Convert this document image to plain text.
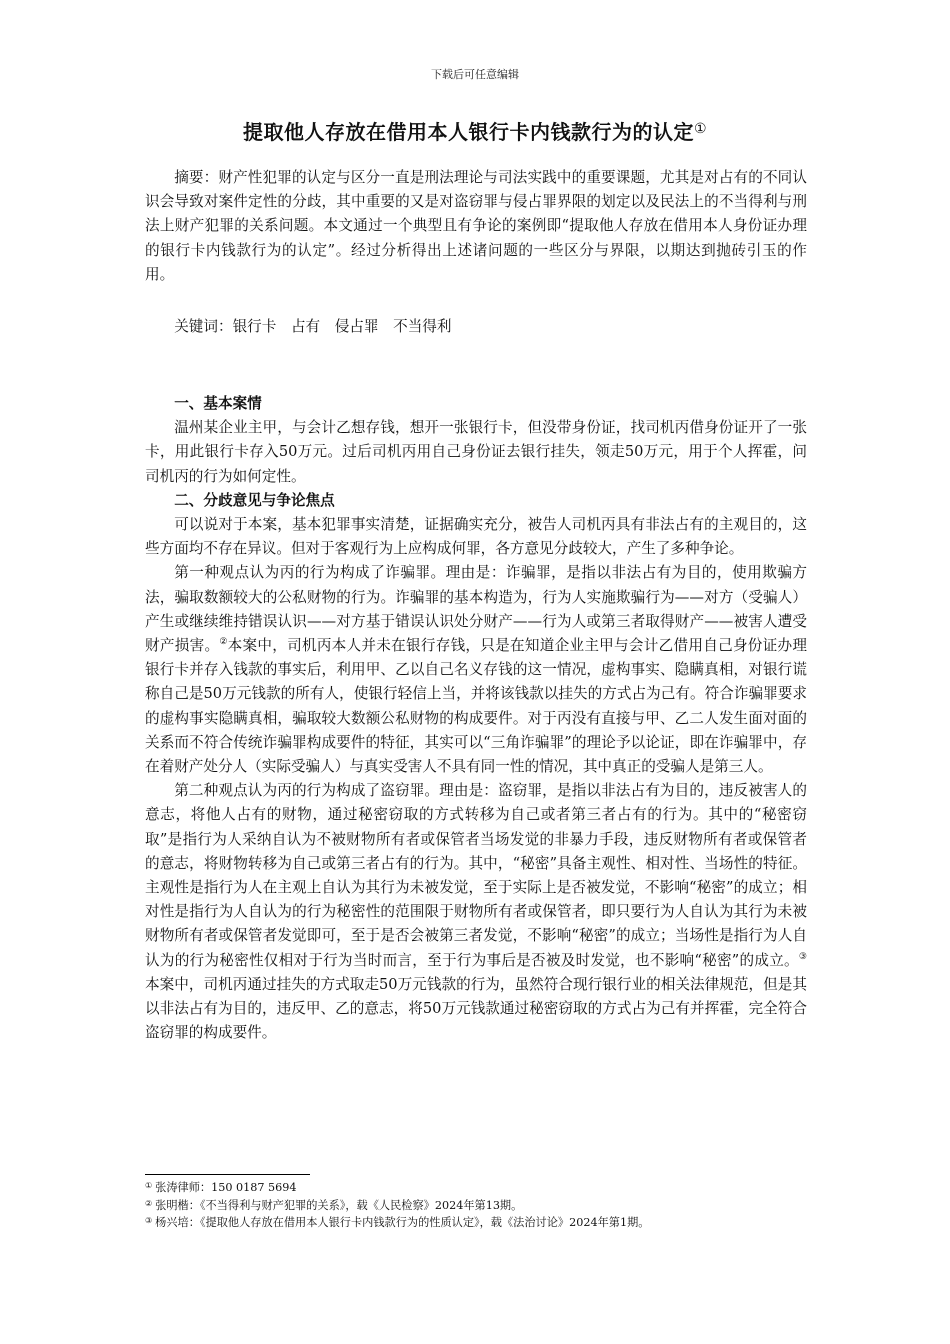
下载后可任意编辑
提取他人存放在借用本人银行卡内钱款行为的认定①

摘要：财产性犯罪的认定与区分一直是刑法理论与司法实践中的重要课题，尤其是对占有的不同认识会导致对案件定性的分歧，其中重要的又是对盗窃罪与侵占罪界限的划定以及民法上的不当得利与刑法上财产犯罪的关系问题。本文通过一个典型且有争论的案例即“提取他人存放在借用本人身份证办理的银行卡内钱款行为的认定”。经过分析得出上述诸问题的一些区分与界限，以期达到抛砖引玉的作用。

关键词：银行卡　占有　侵占罪　不当得利

一、基本案情

温州某企业主甲，与会计乙想存钱，想开一张银行卡，但没带身份证，找司机丙借身份证开了一张卡，用此银行卡存入50万元。过后司机丙用自己身份证去银行挂失，领走50万元，用于个人挥霍，问司机丙的行为如何定性。

二、分歧意见与争论焦点

可以说对于本案，基本犯罪事实清楚，证据确实充分，被告人司机丙具有非法占有的主观目的，这些方面均不存在异议。但对于客观行为上应构成何罪，各方意见分歧较大，产生了多种争论。

第一种观点认为丙的行为构成了诈骗罪。理由是：诈骗罪，是指以非法占有为目的，使用欺骗方法，骗取数额较大的公私财物的行为。诈骗罪的基本构造为，行为人实施欺骗行为——对方（受骗人）产生或继续维持错误认识——对方基于错误认识处分财产——行为人或第三者取得财产——被害人遭受财产损害。②本案中，司机丙本人并未在银行存钱，只是在知道企业主甲与会计乙借用自己身份证办理银行卡并存入钱款的事实后，利用甲、乙以自己名义存钱的这一情况，虚构事实、隐瞒真相，对银行谎称自己是50万元钱款的所有人，使银行轻信上当，并将该钱款以挂失的方式占为己有。符合诈骗罪要求的虚构事实隐瞒真相，骗取较大数额公私财物的构成要件。对于丙没有直接与甲、乙二人发生面对面的关系而不符合传统诈骗罪构成要件的特征，其实可以“三角诈骗罪”的理论予以论证，即在诈骗罪中，存在着财产处分人（实际受骗人）与真实受害人不具有同一性的情况，其中真正的受骗人是第三人。

第二种观点认为丙的行为构成了盗窃罪。理由是：盗窃罪，是指以非法占有为目的，违反被害人的意志，将他人占有的财物，通过秘密窃取的方式转移为自己或者第三者占有的行为。其中的“秘密窃取”是指行为人采纳自认为不被财物所有者或保管者当场发觉的非暴力手段，违反财物所有者或保管者的意志，将财物转移为自己或第三者占有的行为。其中，“秘密”具备主观性、相对性、当场性的特征。主观性是指行为人在主观上自认为其行为未被发觉，至于实际上是否被发觉，不影响“秘密”的成立；相对性是指行为人自认为的行为秘密性的范围限于财物所有者或保管者，即只要行为人自认为其行为未被财物所有者或保管者发觉即可，至于是否会被第三者发觉，不影响“秘密”的成立；当场性是指行为人自认为的行为秘密性仅相对于行为当时而言，至于行为事后是否被及时发觉，也不影响“秘密”的成立。③本案中，司机丙通过挂失的方式取走50万元钱款的行为，虽然符合现行银行业的相关法律规范，但是其以非法占有为目的，违反甲、乙的意志，将50万元钱款通过秘密窃取的方式占为己有并挥霍，完全符合盗窃罪的构成要件。

① 张涛律师：150 0187 5694
② 张明楷：《不当得利与财产犯罪的关系》，载《人民检察》2024年第13期。
③ 杨兴培：《提取他人存放在借用本人银行卡内钱款行为的性质认定》，载《法治讨论》2024年第1期。
